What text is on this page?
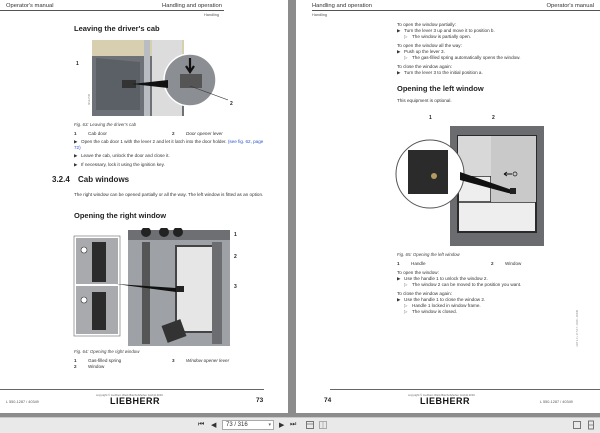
Operator's manual	Handling and operation
Handling
Leaving the driver's cab
1
2
MSE1736
Fig. 63: Leaving the driver's cab
1 Cab door	2 Door opener lever
▶ Open the cab door 1 with the lever 2 and let it latch into the door holder. (see fig. 62, page 72)
▶ Leave the cab, unlock the door and close it.
▶ If necessary, lock it using the ignition key.
3.2.4 Cab windows
The right window can be opened partially or all the way. The left window is fitted as an option.
Opening the right window
1
2
3
Fig. 64: Opening the right window
1 Gas-filled spring
2 Window
3 Window opener lever
L 550-1287 / 40349
copyright © Liebherr-Werk Bischofshofen GmbH 2016
LIEBHERR	73
Handling and operation	Operator's manual
Handling
To open the window partially:
▶ Turn the lever 3 up and move it to position b.
▷ The window is partially open.
To open the window all the way:
▶ Push up the lever 3.
▷ The gas-filled spring automatically opens the window.
To close the window again:
▶ Turn the lever 3 to the initial position a.
Opening the left window
This equipment is optional.
1	2
Fig. 65: Opening the left window
1 Handle	2 Window
To open the window:
▶ Use the handle 1 to unlock the window 2.
▷ The window 2 can be moved to the position you want.
To close the window again:
▶ Use the handle 1 to close the window 2.
▷ Handle 1 locked in window frame.
▷ The window is closed.	LWT 1.0 • 17.5.17 • 0020 • 40349
74
copyright © Liebherr-Werk Bischofshofen GmbH 2016
LIEBHERR	L 550-1287 / 40349
⏮ ◀	73 / 316	▾ ▶ ⏭
